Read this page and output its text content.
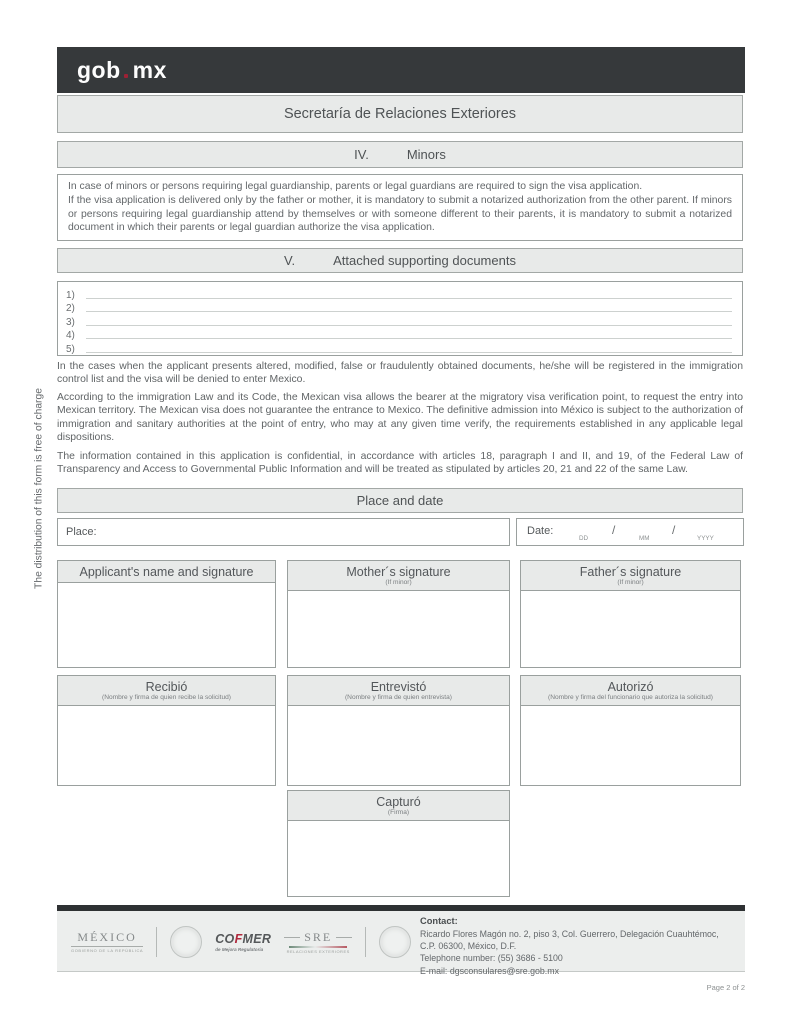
gob mx
Secretaría de Relaciones Exteriores
IV.	Minors

In case of minors or persons requiring legal guardianship, parents or legal guardians are required to sign the visa application.

If the visa application is delivered only by the father or mother, it is mandatory to submit a notarized authorization from the other parent. If minors or persons requiring legal guardianship attend by themselves or with someone different to their parents, it is mandatory to submit a notarized document in which their parents or legal guardian authorize the visa application.

V.	Attached supporting documents
1)
2)
3)
4)
5)

In the cases when the applicant presents altered, modified, false or fraudulently obtained documents, he/she will be registered in the immigration control list and the visa will be denied to enter Mexico.

According to the immigration Law and its Code, the Mexican visa allows the bearer at the migratory visa verification point, to request the entry into Mexican territory. The Mexican visa does not guarantee the entrance to Mexico. The definitive admission into México is subject to the authorization of immigration and sanitary authorities at the point of entry, who may at any given time verify, the requirements established in any applicable legal dispositions.

The information contained in this application is confidential, in accordance with articles 18, paragraph I and II, and 19, of the Federal Law of Transparency and Access to Governmental Public Information and will be treated as stipulated by articles 20, 21 and 22 of the same Law.

Place and date
Place:	Date:
DD
/
MM
/
YYYY
Applicant's name and signature	Mother´s signature
(If minor)
Father´s signature
(If minor)
Recibió
(Nombre y firma de quien recibe la solicitud)
Entrevistó
(Nombre y firma de quien entrevista)
Autorizó
(Nombre y firma del funcionario que autoriza la solicitud)
Capturó
(Firma)
The distribution of this form is free of charge
MÉXICO
GOBIERNO DE LA REPÚBLICA
COFMER
de Mejora Regulatoria
SRE
RELACIONES EXTERIORES

Contact:

Ricardo Flores Magón no. 2, piso 3, Col. Guerrero, Delegación Cuauhtémoc, C.P. 06300, México, D.F.

Telephone number: (55) 3686 - 5100

E-mail: dgsconsulares@sre.gob.mx

Page 2 of 2
